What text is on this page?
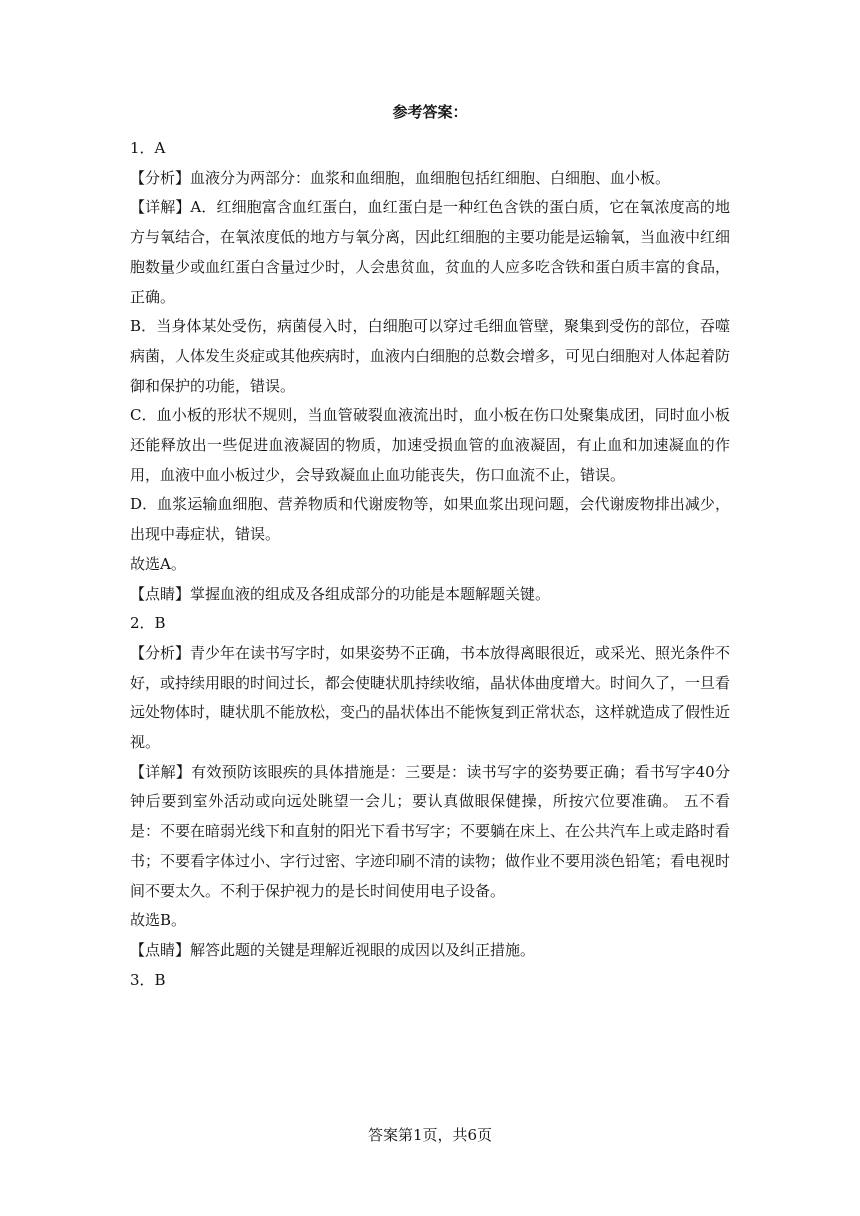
参考答案：

1．A

【分析】血液分为两部分：血浆和血细胞，血细胞包括红细胞、白细胞、血小板。

【详解】A．红细胞富含血红蛋白，血红蛋白是一种红色含铁的蛋白质，它在氧浓度高的地方与氧结合，在氧浓度低的地方与氧分离，因此红细胞的主要功能是运输氧，当血液中红细胞数量少或血红蛋白含量过少时，人会患贫血，贫血的人应多吃含铁和蛋白质丰富的食品，正确。

B．当身体某处受伤，病菌侵入时，白细胞可以穿过毛细血管壁，聚集到受伤的部位，吞噬病菌，人体发生炎症或其他疾病时，血液内白细胞的总数会增多，可见白细胞对人体起着防御和保护的功能，错误。

C．血小板的形状不规则，当血管破裂血液流出时，血小板在伤口处聚集成团，同时血小板还能释放出一些促进血液凝固的物质，加速受损血管的血液凝固，有止血和加速凝血的作用，血液中血小板过少，会导致凝血止血功能丧失，伤口血流不止，错误。

D．血浆运输血细胞、营养物质和代谢废物等，如果血浆出现问题，会代谢废物排出减少，出现中毒症状，错误。

故选A。

【点睛】掌握血液的组成及各组成部分的功能是本题解题关键。

2．B

【分析】青少年在读书写字时，如果姿势不正确，书本放得离眼很近，或采光、照光条件不好，或持续用眼的时间过长，都会使睫状肌持续收缩，晶状体曲度增大。时间久了，一旦看远处物体时，睫状肌不能放松，变凸的晶状体出不能恢复到正常状态，这样就造成了假性近视。

【详解】有效预防该眼疾的具体措施是：三要是：读书写字的姿势要正确；看书写字40分钟后要到室外活动或向远处眺望一会儿；要认真做眼保健操，所按穴位要准确。 五不看是：不要在暗弱光线下和直射的阳光下看书写字；不要躺在床上、在公共汽车上或走路时看书；不要看字体过小、字行过密、字迹印刷不清的读物；做作业不要用淡色铅笔；看电视时间不要太久。不利于保护视力的是长时间使用电子设备。

故选B。

【点睛】解答此题的关键是理解近视眼的成因以及纠正措施。

3．B

答案第1页，共6页
